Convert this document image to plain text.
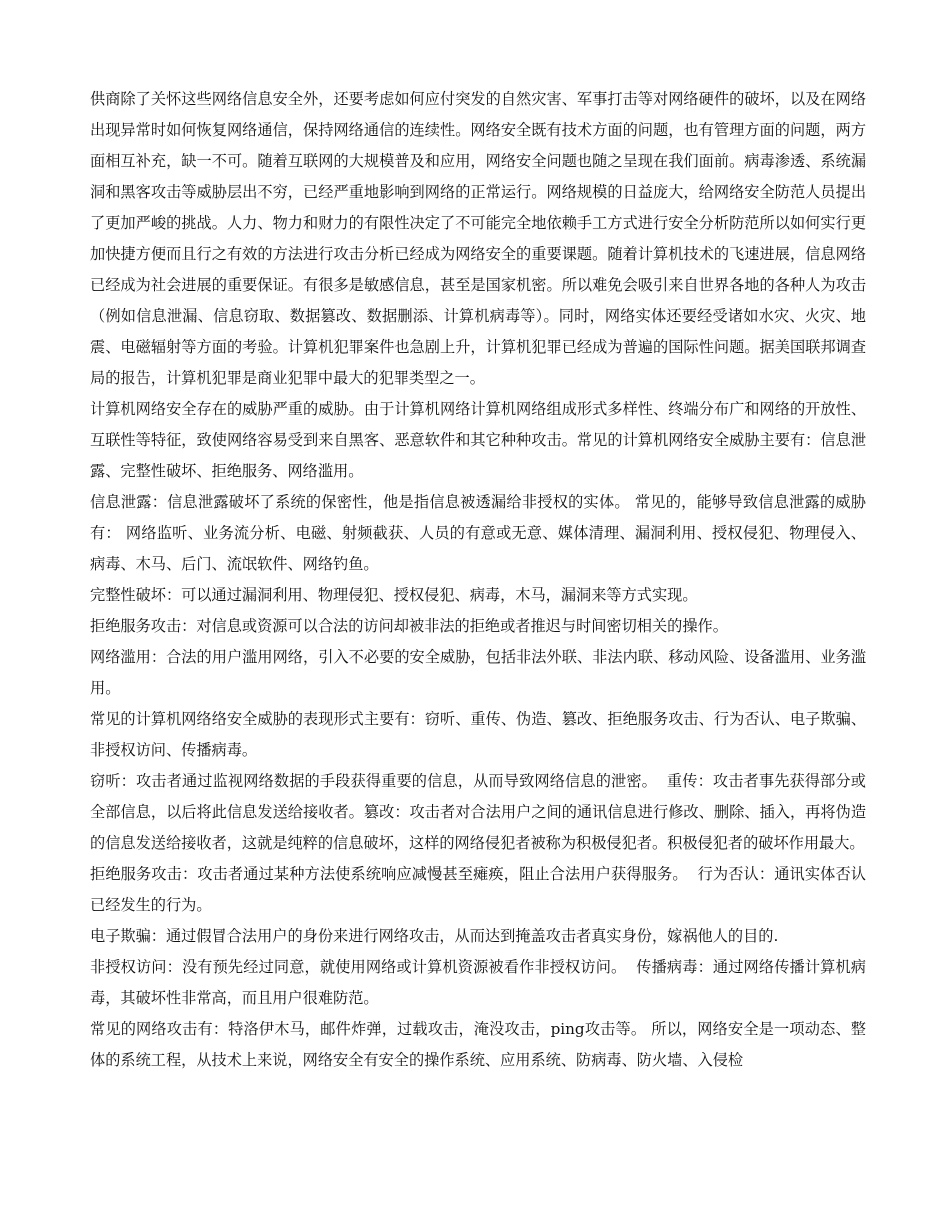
供商除了关怀这些网络信息安全外，还要考虑如何应付突发的自然灾害、军事打击等对网络硬件的破坏，以及在网络出现异常时如何恢复网络通信，保持网络通信的连续性。网络安全既有技术方面的问题，也有管理方面的问题，两方面相互补充，缺一不可。随着互联网的大规模普及和应用，网络安全问题也随之呈现在我们面前。病毒渗透、系统漏洞和黑客攻击等威胁层出不穷，已经严重地影响到网络的正常运行。网络规模的日益庞大，给网络安全防范人员提出了更加严峻的挑战。人力、物力和财力的有限性决定了不可能完全地依赖手工方式进行安全分析防范所以如何实行更加快捷方便而且行之有效的方法进行攻击分析已经成为网络安全的重要课题。随着计算机技术的飞速进展，信息网络已经成为社会进展的重要保证。有很多是敏感信息，甚至是国家机密。所以难免会吸引来自世界各地的各种人为攻击（例如信息泄漏、信息窃取、数据篡改、数据删添、计算机病毒等）。同时，网络实体还要经受诸如水灾、火灾、地震、电磁辐射等方面的考验。计算机犯罪案件也急剧上升，计算机犯罪已经成为普遍的国际性问题。据美国联邦调查局的报告，计算机犯罪是商业犯罪中最大的犯罪类型之一。

计算机网络安全存在的威胁严重的威胁。由于计算机网络计算机网络组成形式多样性、终端分布广和网络的开放性、互联性等特征，致使网络容易受到来自黑客、恶意软件和其它种种攻击。常见的计算机网络安全威胁主要有：信息泄露、完整性破坏、拒绝服务、网络滥用。

信息泄露：信息泄露破坏了系统的保密性，他是指信息被透漏给非授权的实体。 常见的，能够导致信息泄露的威胁有： 网络监听、业务流分析、电磁、射频截获、人员的有意或无意、媒体清理、漏洞利用、授权侵犯、物理侵入、病毒、木马、后门、流氓软件、网络钓鱼。

完整性破坏：可以通过漏洞利用、物理侵犯、授权侵犯、病毒，木马，漏洞来等方式实现。

拒绝服务攻击：对信息或资源可以合法的访问却被非法的拒绝或者推迟与时间密切相关的操作。

网络滥用：合法的用户滥用网络，引入不必要的安全威胁，包括非法外联、非法内联、移动风险、设备滥用、业务滥用。

常见的计算机网络络安全威胁的表现形式主要有：窃听、重传、伪造、篡改、拒绝服务攻击、行为否认、电子欺骗、非授权访问、传播病毒。

窃听：攻击者通过监视网络数据的手段获得重要的信息，从而导致网络信息的泄密。  重传：攻击者事先获得部分或全部信息，以后将此信息发送给接收者。篡改：攻击者对合法用户之间的通讯信息进行修改、删除、插入，再将伪造的信息发送给接收者，这就是纯粹的信息破坏，这样的网络侵犯者被称为积极侵犯者。积极侵犯者的破坏作用最大。

拒绝服务攻击：攻击者通过某种方法使系统响应减慢甚至瘫痪，阻止合法用户获得服务。  行为否认：通讯实体否认已经发生的行为。

电子欺骗：通过假冒合法用户的身份来进行网络攻击，从而达到掩盖攻击者真实身份，嫁祸他人的目的.

非授权访问：没有预先经过同意，就使用网络或计算机资源被看作非授权访问。  传播病毒：通过网络传播计算机病毒，其破坏性非常高，而且用户很难防范。

常见的网络攻击有：特洛伊木马，邮件炸弹，过载攻击，淹没攻击，ping攻击等。 所以，网络安全是一项动态、整体的系统工程，从技术上来说，网络安全有安全的操作系统、应用系统、防病毒、防火墙、入侵检
